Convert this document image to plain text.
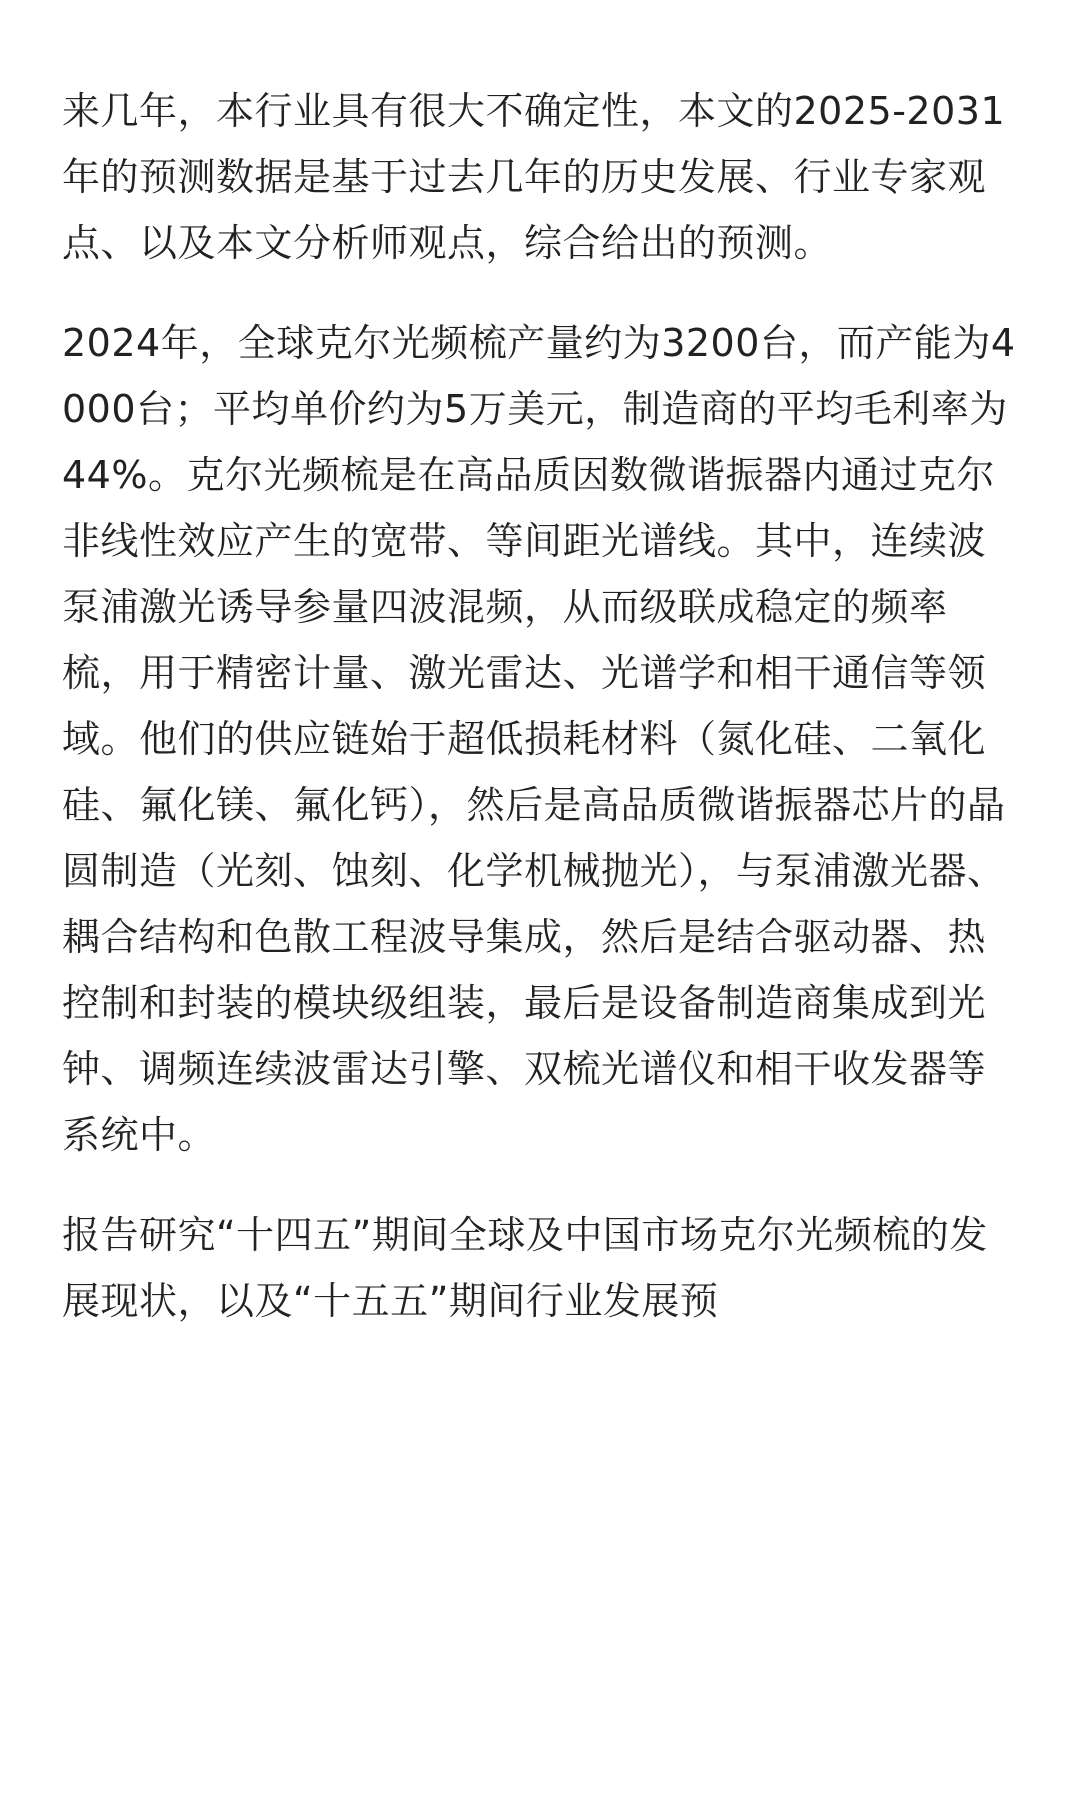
来几年，本行业具有很大不确定性，本文的2025-2031年的预测数据是基于过去几年的历史发展、行业专家观点、以及本文分析师观点，综合给出的预测。

2024年，全球克尔光频梳产量约为3200台，而产能为4000台；平均单价约为5万美元，制造商的平均毛利率为44%。克尔光频梳是在高品质因数微谐振器内通过克尔非线性效应产生的宽带、等间距光谱线。其中，连续波泵浦激光诱导参量四波混频，从而级联成稳定的频率梳，用于精密计量、激光雷达、光谱学和相干通信等领域。他们的供应链始于超低损耗材料（氮化硅、二氧化硅、氟化镁、氟化钙），然后是高品质微谐振器芯片的晶圆制造（光刻、蚀刻、化学机械抛光），与泵浦激光器、耦合结构和色散工程波导集成，然后是结合驱动器、热控制和封装的模块级组装，最后是设备制造商集成到光钟、调频连续波雷达引擎、双梳光谱仪和相干收发器等系统中。

报告研究“十四五”期间全球及中国市场克尔光频梳的发展现状，以及“十五五”期间行业发展预
